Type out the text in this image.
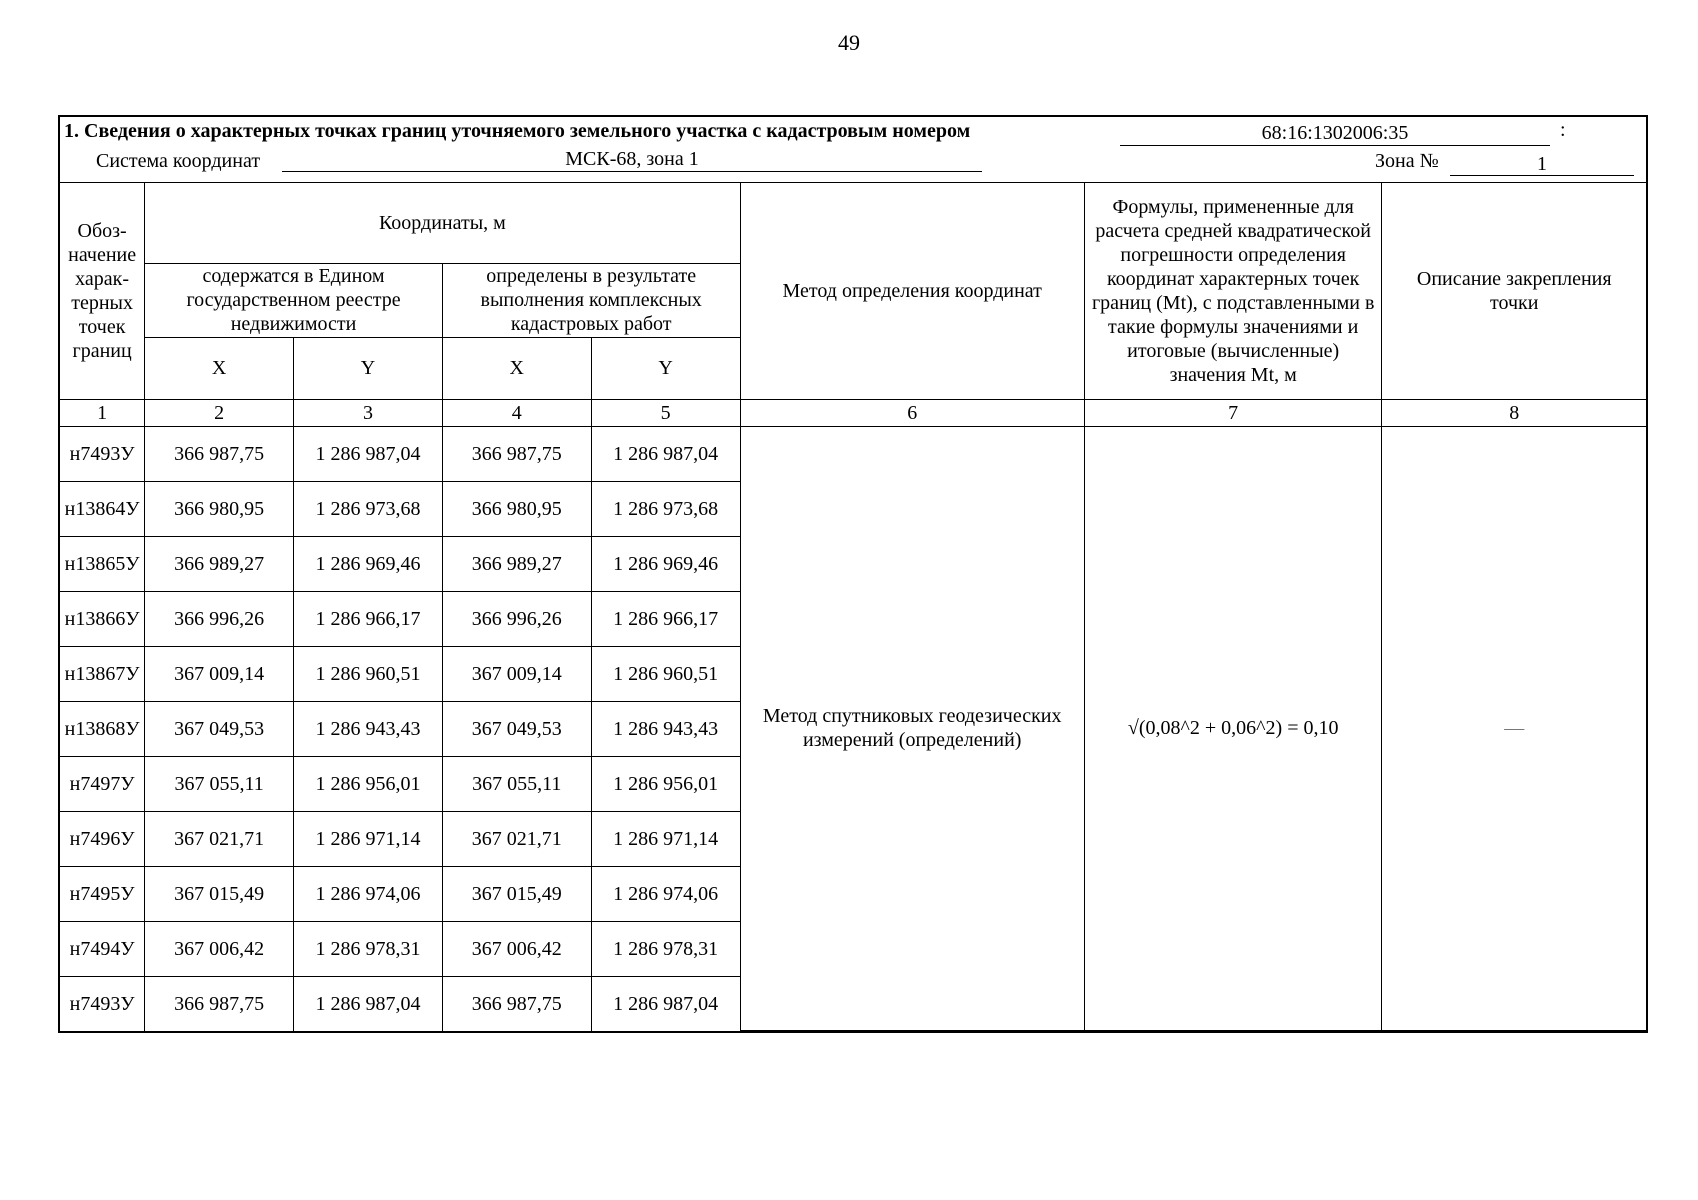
49
1. Сведения о характерных точках границ уточняемого земельного участка с кадастровым номером	68:16:1302006:35	:
Система координат	МСК-68, зона 1	Зона №	1
Обоз-начение харак-терных точек границ	Координаты, м				Метод определения координат	Формулы, примененные для расчета средней квадратической погрешности определения координат характерных точек границ (Mt), с подставленными в такие формулы значениями и итоговые (вычисленные) значения Mt, м	Описание закрепления точки
	содержатся в Едином государственном реестре недвижимости		определены в результате выполнения комплексных кадастровых работ				
	X	Y	X	Y			
1	2	3	4	5	6	7	8
н7493У	366 987,75	1 286 987,04	366 987,75	1 286 987,04	Метод спутниковых геодезических измерений (определений)	√(0,08^2 + 0,06^2) = 0,10	—
н13864У	366 980,95	1 286 973,68	366 980,95	1 286 973,68			
н13865У	366 989,27	1 286 969,46	366 989,27	1 286 969,46			
н13866У	366 996,26	1 286 966,17	366 996,26	1 286 966,17			
н13867У	367 009,14	1 286 960,51	367 009,14	1 286 960,51			
н13868У	367 049,53	1 286 943,43	367 049,53	1 286 943,43			
н7497У	367 055,11	1 286 956,01	367 055,11	1 286 956,01			
н7496У	367 021,71	1 286 971,14	367 021,71	1 286 971,14			
н7495У	367 015,49	1 286 974,06	367 015,49	1 286 974,06			
н7494У	367 006,42	1 286 978,31	367 006,42	1 286 978,31			
н7493У	366 987,75	1 286 987,04	366 987,75	1 286 987,04			
